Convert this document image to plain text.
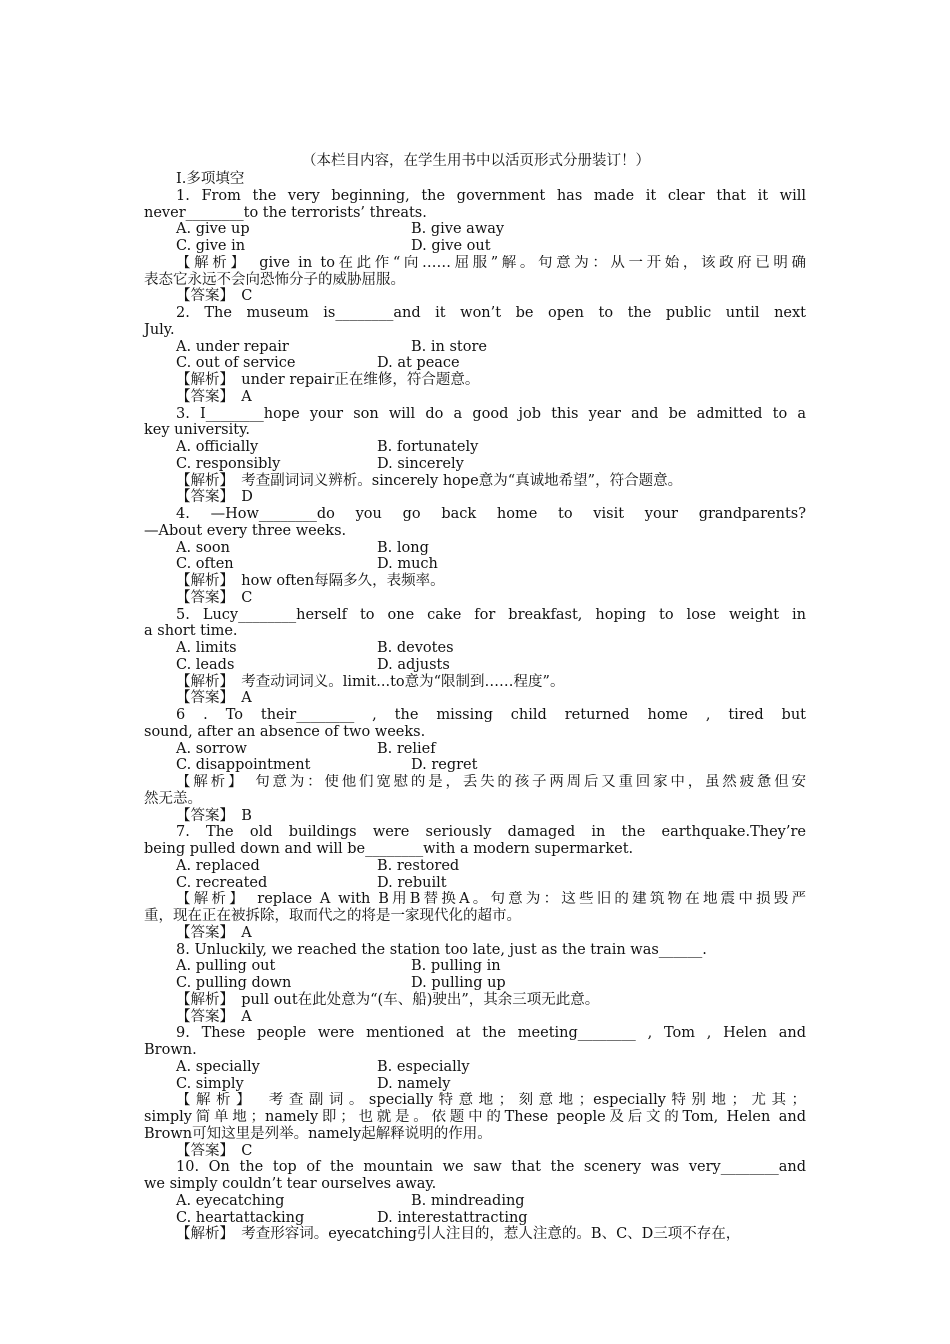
（本栏目内容，在学生用书中以活页形式分册装订！）
Ⅰ.多项填空
1. From the very beginning, the government has made it clear that it will
never________to the terrorists’ threats.
A. give up	B. give away
C. give in	D. give out
【解析】　give in to在此作“向……屈服”解。句意为：从一开始，该政府已明确
表态它永远不会向恐怖分子的威胁屈服。
【答案】　C
2. The museum is________and it won’t be open to the public until next
July.
A. under repair	B. in store
C. out of service	D. at peace
【解析】　under repair正在维修，符合题意。
【答案】　A
3. I________hope your son will do a good job this year and be admitted to a
key university.
A. officially	B. fortunately
C. responsibly	D. sincerely
【解析】　考查副词词义辨析。sincerely hope意为“真诚地希望”，符合题意。
【答案】　D
4. —How________do you go back home to visit your grandparents?
—About every three weeks.
A. soon	B. long
C. often	D. much
【解析】　how often每隔多久，表频率。
【答案】　C
5. Lucy________herself to one cake for breakfast, hoping to lose weight in
a short time.
A. limits	B. devotes
C. leads	D. adjusts
【解析】　考查动词词义。limit...to意为“限制到……程度”。
【答案】　A
6 . To their________ , the missing child returned home , tired but
sound, after an absence of two weeks.
A. sorrow	B. relief
C. disappointment	D. regret
【解析】　句意为：使他们宽慰的是，丢失的孩子两周后又重回家中，虽然疲惫但安
然无恙。
【答案】　B
7. The old buildings were seriously damaged in the earthquake.They’re
being pulled down and will be________with a modern supermarket.
A. replaced	B. restored
C. recreated	D. rebuilt
【解析】　replace A with B用B替换A。句意为：这些旧的建筑物在地震中损毁严
重，现在正在被拆除，取而代之的将是一家现代化的超市。
【答案】　A
8. Unluckily, we reached the station too late, just as the train was______.
A. pulling out	B. pulling in
C. pulling down	D. pulling up
【解析】　pull out在此处意为“(车、船)驶出”，其余三项无此意。
【答案】　A
9. These people were mentioned at the meeting________ , Tom , Helen and
Brown.
A. specially	B. especially
C. simply	D. namely
【解析】　考查副词。specially特意地；刻意地；especially特别地；尤其；
simply简单地；namely即；也就是。依题中的These people及后文的Tom, Helen and
Brown可知这里是列举。namely起解释说明的作用。
【答案】　C
10. On the top of the mountain we saw that the scenery was very________and
we simply couldn’t tear ourselves away.
A. eyecatching	B. mindreading
C. heartattacking	D. interestattracting
【解析】　考查形容词。eyecatching引人注目的，惹人注意的。B、C、D三项不存在，
